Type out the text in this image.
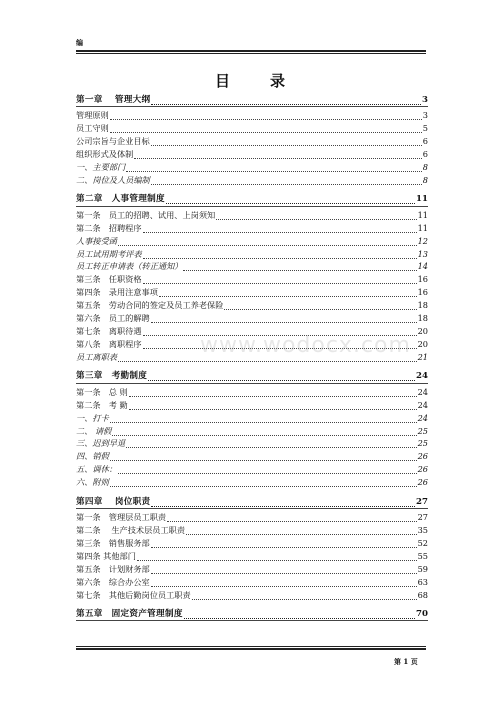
编
目	录
第一章　 管理大纲	3
管理原则	3
员工守则	5
公司宗旨与企业目标	6
组织形式及体制	6
一、主要部门	8
二、岗位及人员编制	8
第二章　人事管理制度	11
第一条　员工的招聘、试用、上岗须知	11
第二条　招聘程序	11
人事接受函	12
员工试用期考评表	13
员工转正申请表（转正通知）	14
第三条　任职资格	16
第四条　录用注意事项	16
第五条　劳动合同的签定及员工养老保险	18
第六条　员工的解聘	18
第七条　离职待遇	20
第八条　离职程序	20
员工离职表	21
第三章　考勤制度	24
第一条　总 则	24
第二条　考 勤	24
一、打卡	24
二、 请假	25
三、迟到早退	25
四、销假	26
五、调休：	26
六、附则	26
第四章　 岗位职责	27
第一条　管理层员工职责	27
第二条　 生产技术层员工职责	35
第三条　销售服务部	52
第四条 其他部门	55
第五条　计划财务部	59
第六条　综合办公室	63
第七条　其他后勤岗位员工职责	68
第五章　固定资产管理制度	70
www.wodocx.com
第 1 页
